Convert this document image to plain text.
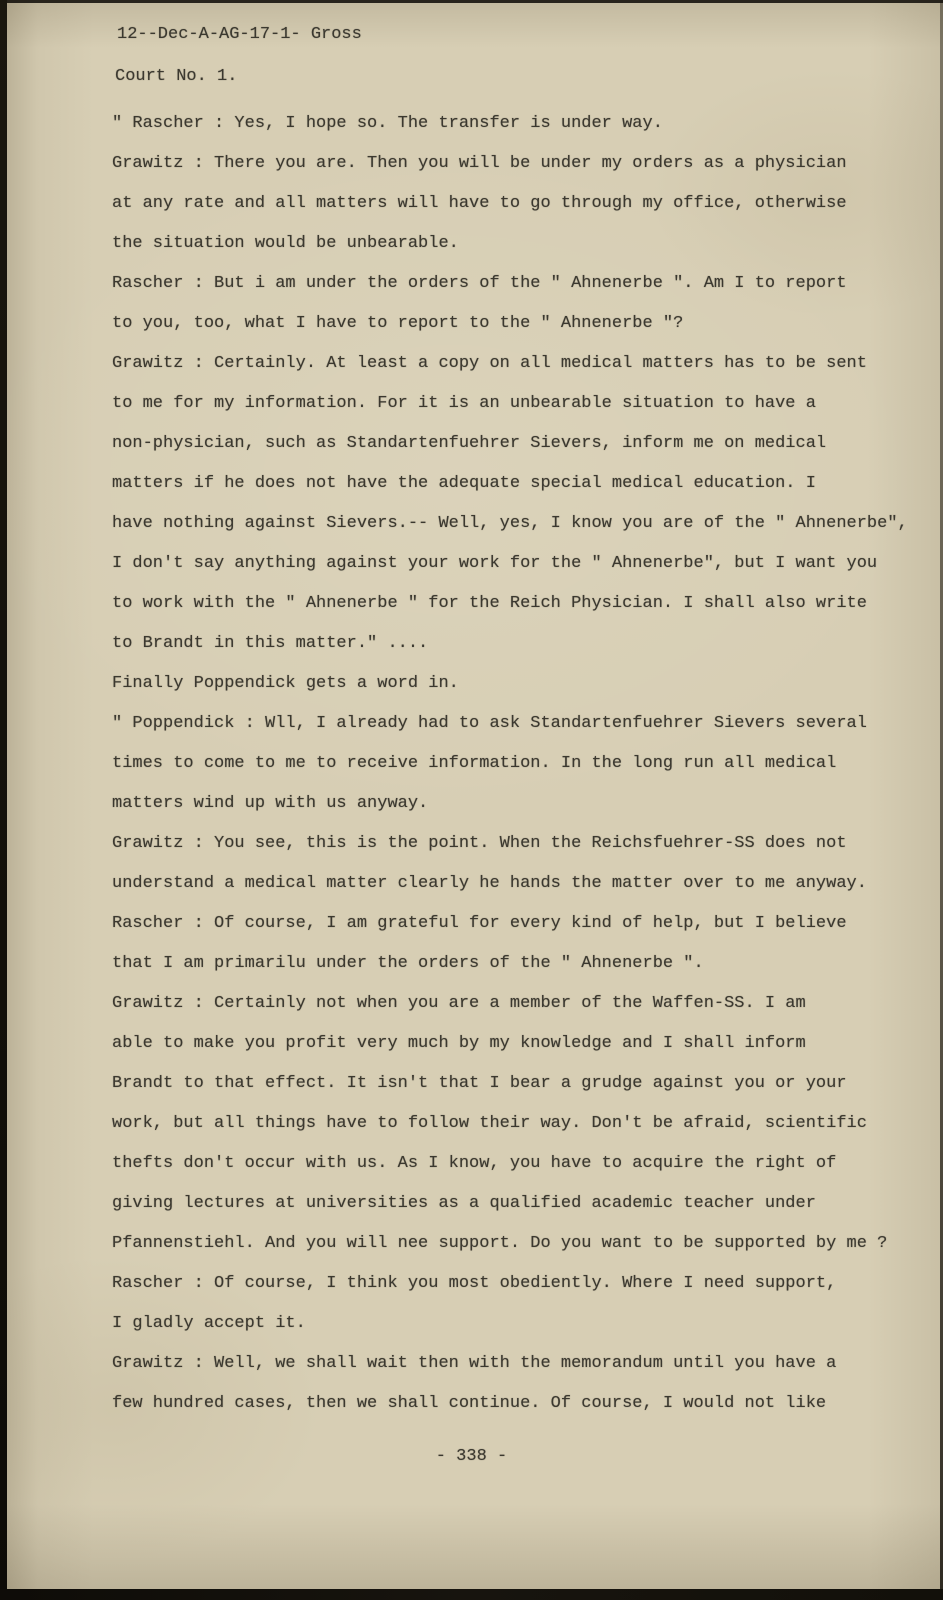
12--Dec-A-AG-17-1- Gross
Court No. 1.
" Rascher : Yes, I hope so. The transfer is under way.
Grawitz : There you are. Then you will be under my orders as a physician
at any rate and all matters will have to go through my office, otherwise
the situation would be unbearable.
Rascher : But i am under the orders of the " Ahnenerbe ". Am I to report
to you, too, what I have to report to the " Ahnenerbe "?
Grawitz : Certainly. At least a copy on all medical matters has to be sent
to me for my information. For it is an unbearable situation to have a
non-physician, such as Standartenfuehrer Sievers, inform me on medical
matters if he does not have the adequate special medical education. I
have nothing against Sievers.-- Well, yes, I know you are of the " Ahnenerbe",
I don't say anything against your work for the " Ahnenerbe", but I want you
to work with the " Ahnenerbe " for the Reich Physician. I shall also write
to Brandt in this matter." ....
Finally Poppendick gets a word in.
" Poppendick : Wll, I already had to ask Standartenfuehrer Sievers several
times to come to me to receive information. In the long run all medical
matters wind up with us anyway.
Grawitz : You see, this is the point. When the Reichsfuehrer-SS does not
understand a medical matter clearly he hands the matter over to me anyway.
Rascher : Of course, I am grateful for every kind of help, but I believe
that I am primarilu under the orders of the " Ahnenerbe ".
Grawitz : Certainly not when you are a member of the Waffen-SS. I am
able to make you profit very much by my knowledge and I shall inform
Brandt to that effect. It isn't that I bear a grudge against you or your
work, but all things have to follow their way. Don't be afraid, scientific
thefts don't occur with us. As I know, you have to acquire the right of
giving lectures at universities as a qualified academic teacher under
Pfannenstiehl. And you will nee support. Do you want to be supported by me ?
Rascher : Of course, I think you most obediently. Where I need support,
I gladly accept it.
Grawitz : Well, we shall wait then with the memorandum until you have a
few hundred cases, then we shall continue. Of course, I would not like
- 338 -
